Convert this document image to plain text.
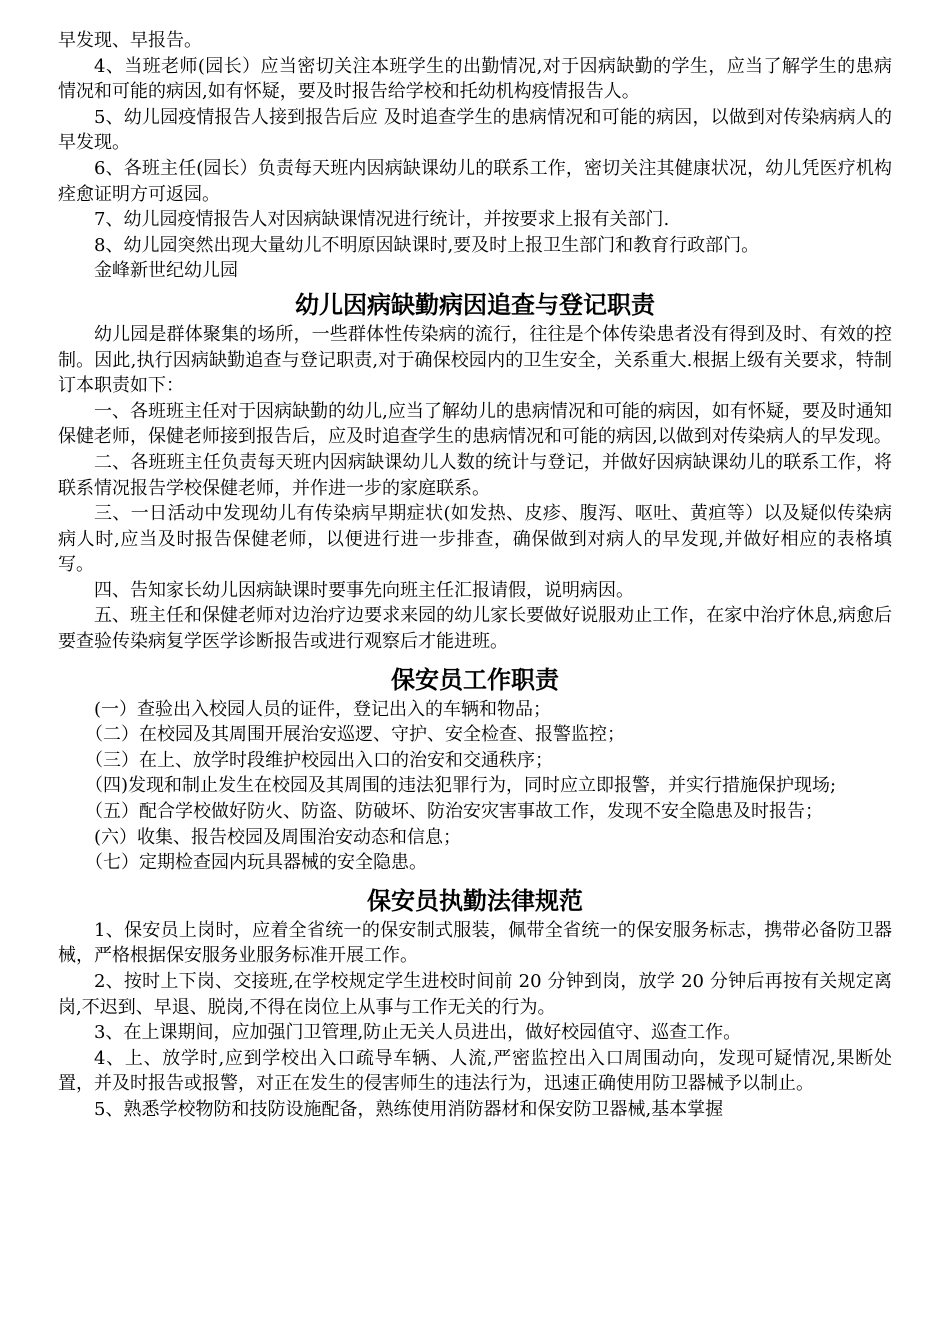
早发现、早报告。

4、当班老师(园长）应当密切关注本班学生的出勤情况,对于因病缺勤的学生，应当了解学生的患病情况和可能的病因,如有怀疑，要及时报告给学校和托幼机构疫情报告人。

5、幼儿园疫情报告人接到报告后应 及时追查学生的患病情况和可能的病因，以做到对传染病病人的早发现。

6、各班主任(园长）负责每天班内因病缺课幼儿的联系工作，密切关注其健康状况，幼儿凭医疗机构痊愈证明方可返园。

7、幼儿园疫情报告人对因病缺课情况进行统计，并按要求上报有关部门.

8、幼儿园突然出现大量幼儿不明原因缺课时,要及时上报卫生部门和教育行政部门。

金峰新世纪幼儿园

幼儿因病缺勤病因追查与登记职责

幼儿园是群体聚集的场所，一些群体性传染病的流行，往往是个体传染患者没有得到及时、有效的控制。因此,执行因病缺勤追查与登记职责,对于确保校园内的卫生安全，关系重大.根据上级有关要求，特制订本职责如下：

一、各班班主任对于因病缺勤的幼儿,应当了解幼儿的患病情况和可能的病因，如有怀疑，要及时通知保健老师，保健老师接到报告后，应及时追查学生的患病情况和可能的病因,以做到对传染病人的早发现。

二、各班班主任负责每天班内因病缺课幼儿人数的统计与登记，并做好因病缺课幼儿的联系工作，将联系情况报告学校保健老师，并作进一步的家庭联系。

三、一日活动中发现幼儿有传染病早期症状(如发热、皮疹、腹泻、呕吐、黄疸等）以及疑似传染病病人时,应当及时报告保健老师，以便进行进一步排查，确保做到对病人的早发现,并做好相应的表格填写。

四、告知家长幼儿因病缺课时要事先向班主任汇报请假，说明病因。

五、班主任和保健老师对边治疗边要求来园的幼儿家长要做好说服劝止工作，在家中治疗休息,病愈后要查验传染病复学医学诊断报告或进行观察后才能进班。

保安员工作职责

(一）查验出入校园人员的证件，登记出入的车辆和物品；

（二）在校园及其周围开展治安巡逻、守护、安全检查、报警监控；

（三）在上、放学时段维护校园出入口的治安和交通秩序；

（四)发现和制止发生在校园及其周围的违法犯罪行为，同时应立即报警，并实行措施保护现场;

（五）配合学校做好防火、防盗、防破坏、防治安灾害事故工作，发现不安全隐患及时报告；

(六）收集、报告校园及周围治安动态和信息；

（七）定期检查园内玩具器械的安全隐患。

保安员执勤法律规范

1、保安员上岗时，应着全省统一的保安制式服装，佩带全省统一的保安服务标志，携带必备防卫器械，严格根据保安服务业服务标准开展工作。

2、按时上下岗、交接班,在学校规定学生进校时间前 20 分钟到岗，放学 20 分钟后再按有关规定离岗,不迟到、早退、脱岗,不得在岗位上从事与工作无关的行为。

3、在上课期间，应加强门卫管理,防止无关人员进出，做好校园值守、巡查工作。

4、上、放学时,应到学校出入口疏导车辆、人流,严密监控出入口周围动向，发现可疑情况,果断处置，并及时报告或报警，对正在发生的侵害师生的违法行为，迅速正确使用防卫器械予以制止。

5、熟悉学校物防和技防设施配备，熟练使用消防器材和保安防卫器械,基本掌握
